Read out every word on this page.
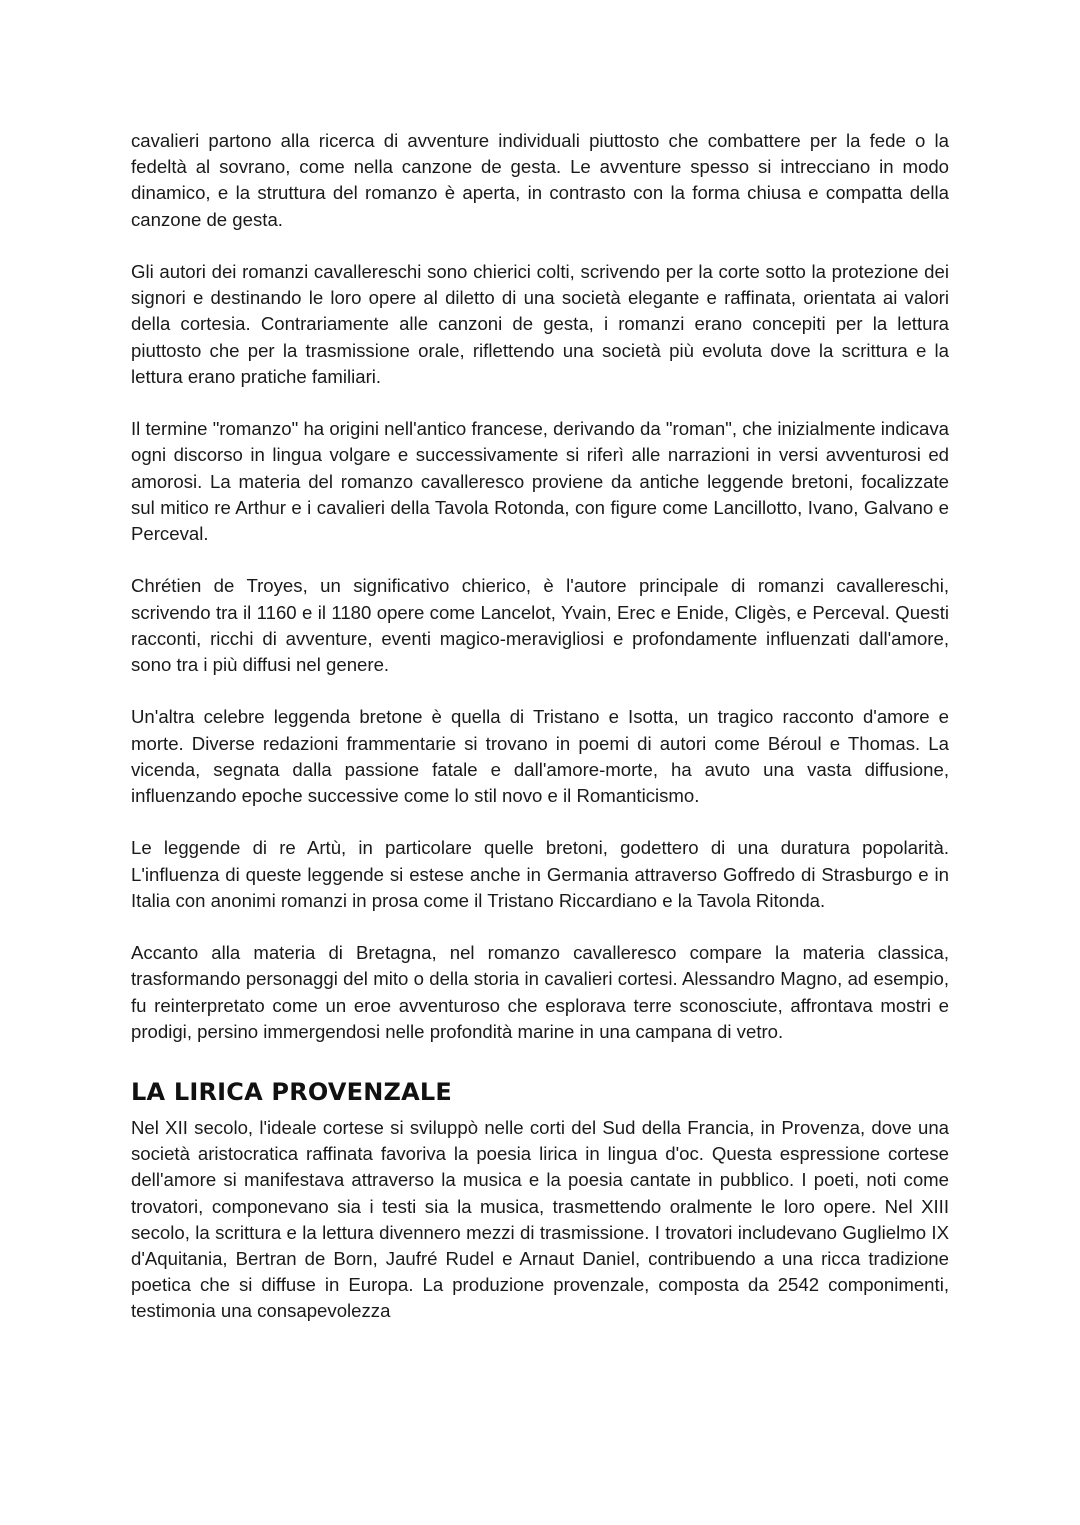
cavalieri partono alla ricerca di avventure individuali piuttosto che combattere per la fede o la fedeltà al sovrano, come nella canzone de gesta. Le avventure spesso si intrecciano in modo dinamico, e la struttura del romanzo è aperta, in contrasto con la forma chiusa e compatta della canzone de gesta.

Gli autori dei romanzi cavallereschi sono chierici colti, scrivendo per la corte sotto la protezione dei signori e destinando le loro opere al diletto di una società elegante e raffinata, orientata ai valori della cortesia. Contrariamente alle canzoni de gesta, i romanzi erano concepiti per la lettura piuttosto che per la trasmissione orale, riflettendo una società più evoluta dove la scrittura e la lettura erano pratiche familiari.

Il termine "romanzo" ha origini nell'antico francese, derivando da "roman", che inizialmente indicava ogni discorso in lingua volgare e successivamente si riferì alle narrazioni in versi avventurosi ed amorosi. La materia del romanzo cavalleresco proviene da antiche leggende bretoni, focalizzate sul mitico re Arthur e i cavalieri della Tavola Rotonda, con figure come Lancillotto, Ivano, Galvano e Perceval.

Chrétien de Troyes, un significativo chierico, è l'autore principale di romanzi cavallereschi, scrivendo tra il 1160 e il 1180 opere come Lancelot, Yvain, Erec e Enide, Cligès, e Perceval. Questi racconti, ricchi di avventure, eventi magico-meravigliosi e profondamente influenzati dall'amore, sono tra i più diffusi nel genere.

Un'altra celebre leggenda bretone è quella di Tristano e Isotta, un tragico racconto d'amore e morte. Diverse redazioni frammentarie si trovano in poemi di autori come Béroul e Thomas. La vicenda, segnata dalla passione fatale e dall'amore-morte, ha avuto una vasta diffusione, influenzando epoche successive come lo stil novo e il Romanticismo.

Le leggende di re Artù, in particolare quelle bretoni, godettero di una duratura popolarità. L'influenza di queste leggende si estese anche in Germania attraverso Goffredo di Strasburgo e in Italia con anonimi romanzi in prosa come il Tristano Riccardiano e la Tavola Ritonda.

Accanto alla materia di Bretagna, nel romanzo cavalleresco compare la materia classica, trasformando personaggi del mito o della storia in cavalieri cortesi. Alessandro Magno, ad esempio, fu reinterpretato come un eroe avventuroso che esplorava terre sconosciute, affrontava mostri e prodigi, persino immergendosi nelle profondità marine in una campana di vetro.

LA LIRICA PROVENZALE

Nel XII secolo, l'ideale cortese si sviluppò nelle corti del Sud della Francia, in Provenza, dove una società aristocratica raffinata favoriva la poesia lirica in lingua d'oc. Questa espressione cortese dell'amore si manifestava attraverso la musica e la poesia cantate in pubblico. I poeti, noti come trovatori, componevano sia i testi sia la musica, trasmettendo oralmente le loro opere. Nel XIII secolo, la scrittura e la lettura divennero mezzi di trasmissione. I trovatori includevano Guglielmo IX d'Aquitania, Bertran de Born, Jaufré Rudel e Arnaut Daniel, contribuendo a una ricca tradizione poetica che si diffuse in Europa. La produzione provenzale, composta da 2542 componimenti, testimonia una consapevolezza
